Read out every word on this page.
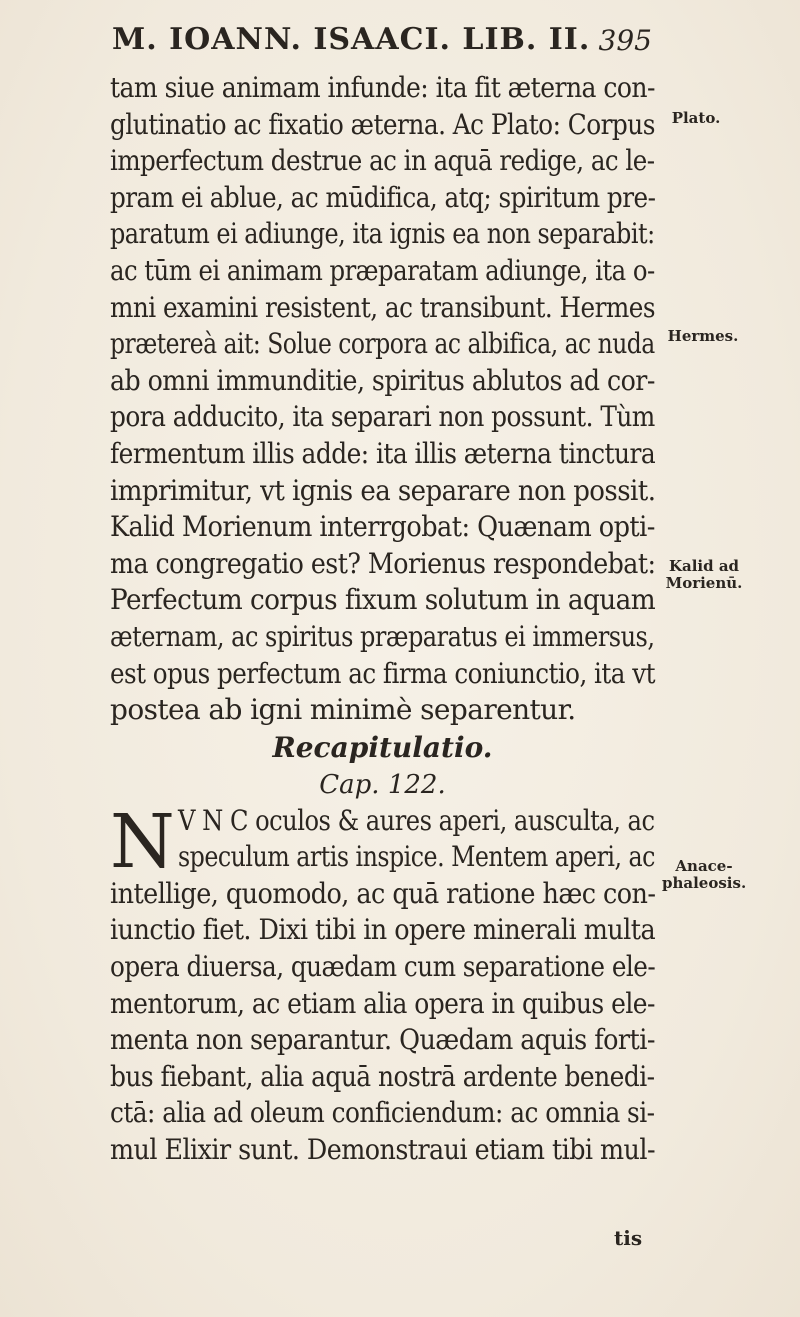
M. IOANN. ISAACI. LIB. II. 395
tam siue animam infunde: ita fit æterna con-
glutinatio ac fixatio æterna. Ac Plato: Corpus
imperfectum destrue ac in aquā redige, ac le-
pram ei ablue, ac mūdifica, atq; spiritum pre-
paratum ei adiunge, ita ignis ea non separabit:
ac tūm ei animam præparatam adiunge, ita o-
mni examini resistent, ac transibunt. Hermes
prætereà ait: Solue corpora ac albifica, ac nuda
ab omni immunditie, spiritus ablutos ad cor-
pora adducito, ita separari non possunt. Tùm
fermentum illis adde: ita illis æterna tinctura
imprimitur, vt ignis ea separare non possit.
Kalid Morienum interrgobat: Quænam opti-
ma congregatio est? Morienus respondebat:
Perfectum corpus fixum solutum in aquam
æternam, ac spiritus præparatus ei immersus,
est opus perfectum ac firma coniunctio, ita vt
postea ab igni minimè separentur.
Recapitulatio.
Cap. 122.
N V N C oculos & aures aperi, ausculta, ac
speculum artis inspice. Mentem aperi, ac
intellige, quomodo, ac quā ratione hæc con-
iunctio fiet. Dixi tibi in opere minerali multa
opera diuersa, quædam cum separatione ele-
mentorum, ac etiam alia opera in quibus ele-
menta non separantur. Quædam aquis forti-
bus fiebant, alia aquā nostrā ardente benedi-
ctā: alia ad oleum conficiendum: ac omnia si-
mul Elixir sunt. Demonstraui etiam tibi mul-
Plato.
Hermes.
Kalid ad
Morienū.
Anace-
phaleosis.
tis
